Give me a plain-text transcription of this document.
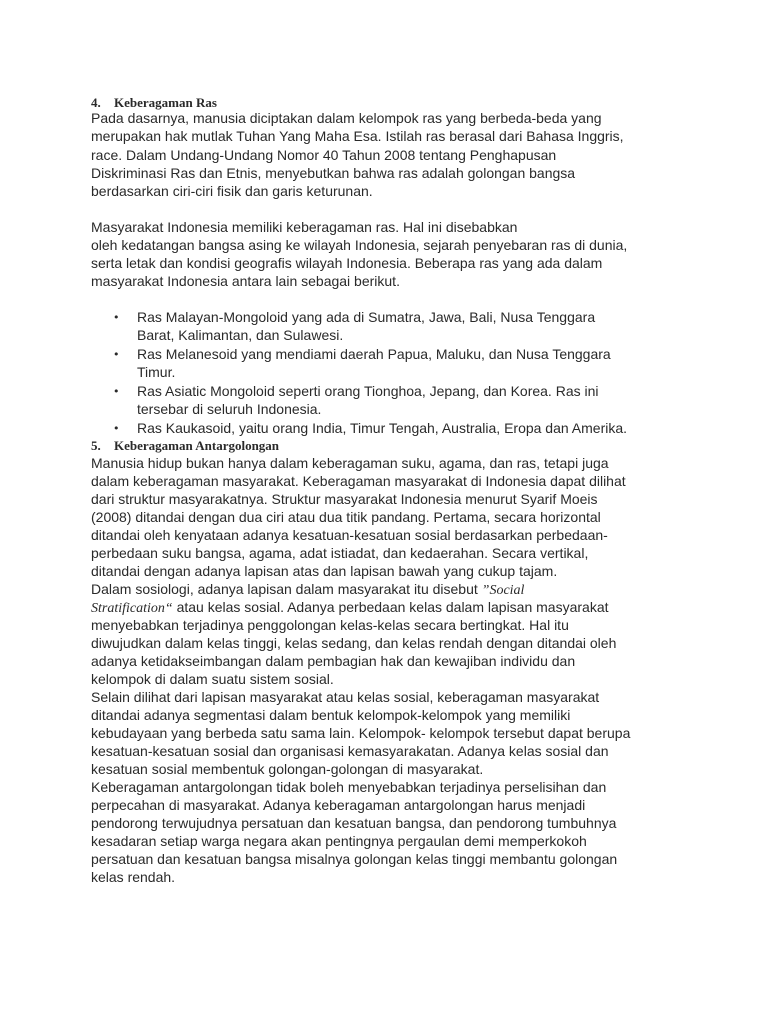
4. Keberagaman Ras
Pada dasarnya, manusia diciptakan dalam kelompok ras yang berbeda-beda yang
merupakan hak mutlak Tuhan Yang Maha Esa. Istilah ras berasal dari Bahasa Inggris,
race. Dalam Undang-Undang Nomor 40 Tahun 2008 tentang Penghapusan
Diskriminasi Ras dan Etnis, menyebutkan bahwa ras adalah golongan bangsa
berdasarkan ciri-ciri fisik dan garis keturunan.
Masyarakat Indonesia memiliki keberagaman ras. Hal ini disebabkan
oleh kedatangan bangsa asing ke wilayah Indonesia, sejarah penyebaran ras di dunia,
serta letak dan kondisi geografis wilayah Indonesia. Beberapa ras yang ada dalam
masyarakat Indonesia antara lain sebagai berikut.
• Ras Malayan-Mongoloid yang ada di Sumatra, Jawa, Bali, Nusa Tenggara
Barat, Kalimantan, dan Sulawesi.
• Ras Melanesoid yang mendiami daerah Papua, Maluku, dan Nusa Tenggara
Timur.
• Ras Asiatic Mongoloid seperti orang Tionghoa, Jepang, dan Korea. Ras ini
tersebar di seluruh Indonesia.
• Ras Kaukasoid, yaitu orang India, Timur Tengah, Australia, Eropa dan Amerika.
5. Keberagaman Antargolongan
Manusia hidup bukan hanya dalam keberagaman suku, agama, dan ras, tetapi juga
dalam keberagaman masyarakat. Keberagaman masyarakat di Indonesia dapat dilihat
dari struktur masyarakatnya. Struktur masyarakat Indonesia menurut Syarif Moeis
(2008) ditandai dengan dua ciri atau dua titik pandang. Pertama, secara horizontal
ditandai oleh kenyataan adanya kesatuan-kesatuan sosial berdasarkan perbedaan-
perbedaan suku bangsa, agama, adat istiadat, dan kedaerahan. Secara vertikal,
ditandai dengan adanya lapisan atas dan lapisan bawah yang cukup tajam.
Dalam sosiologi, adanya lapisan dalam masyarakat itu disebut ”Social
Stratification“ atau kelas sosial. Adanya perbedaan kelas dalam lapisan masyarakat
menyebabkan terjadinya penggolongan kelas-kelas secara bertingkat. Hal itu
diwujudkan dalam kelas tinggi, kelas sedang, dan kelas rendah dengan ditandai oleh
adanya ketidakseimbangan dalam pembagian hak dan kewajiban individu dan
kelompok di dalam suatu sistem sosial.
Selain dilihat dari lapisan masyarakat atau kelas sosial, keberagaman masyarakat
ditandai adanya segmentasi dalam bentuk kelompok-kelompok yang memiliki
kebudayaan yang berbeda satu sama lain. Kelompok- kelompok tersebut dapat berupa
kesatuan-kesatuan sosial dan organisasi kemasyarakatan. Adanya kelas sosial dan
kesatuan sosial membentuk golongan-golongan di masyarakat.
Keberagaman antargolongan tidak boleh menyebabkan terjadinya perselisihan dan
perpecahan di masyarakat. Adanya keberagaman antargolongan harus menjadi
pendorong terwujudnya persatuan dan kesatuan bangsa, dan pendorong tumbuhnya
kesadaran setiap warga negara akan pentingnya pergaulan demi memperkokoh
persatuan dan kesatuan bangsa misalnya golongan kelas tinggi membantu golongan
kelas rendah.
